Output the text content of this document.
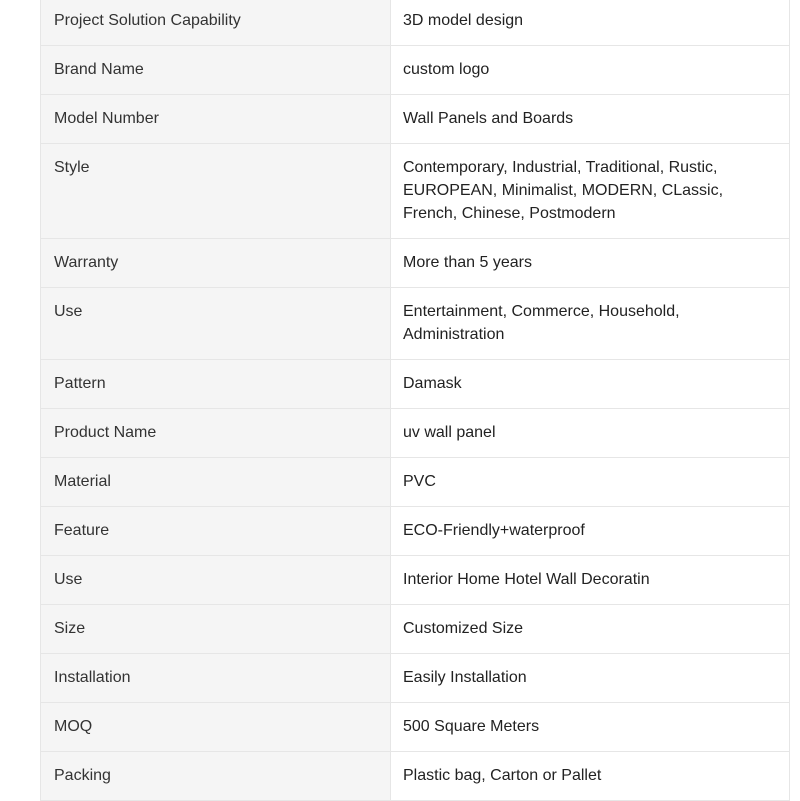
Project Solution Capability	3D model design
Brand Name	custom logo
Model Number	Wall Panels and Boards
Style	Contemporary, Industrial, Traditional, Rustic, EUROPEAN, Minimalist, MODERN, CLassic, French, Chinese, Postmodern
Warranty	More than 5 years
Use	Entertainment, Commerce, Household, Administration
Pattern	Damask
Product Name	uv wall panel
Material	PVC
Feature	ECO-Friendly+waterproof
Use	Interior Home Hotel Wall Decoratin
Size	Customized Size
Installation	Easily Installation
MOQ	500 Square Meters
Packing	Plastic bag, Carton or Pallet
